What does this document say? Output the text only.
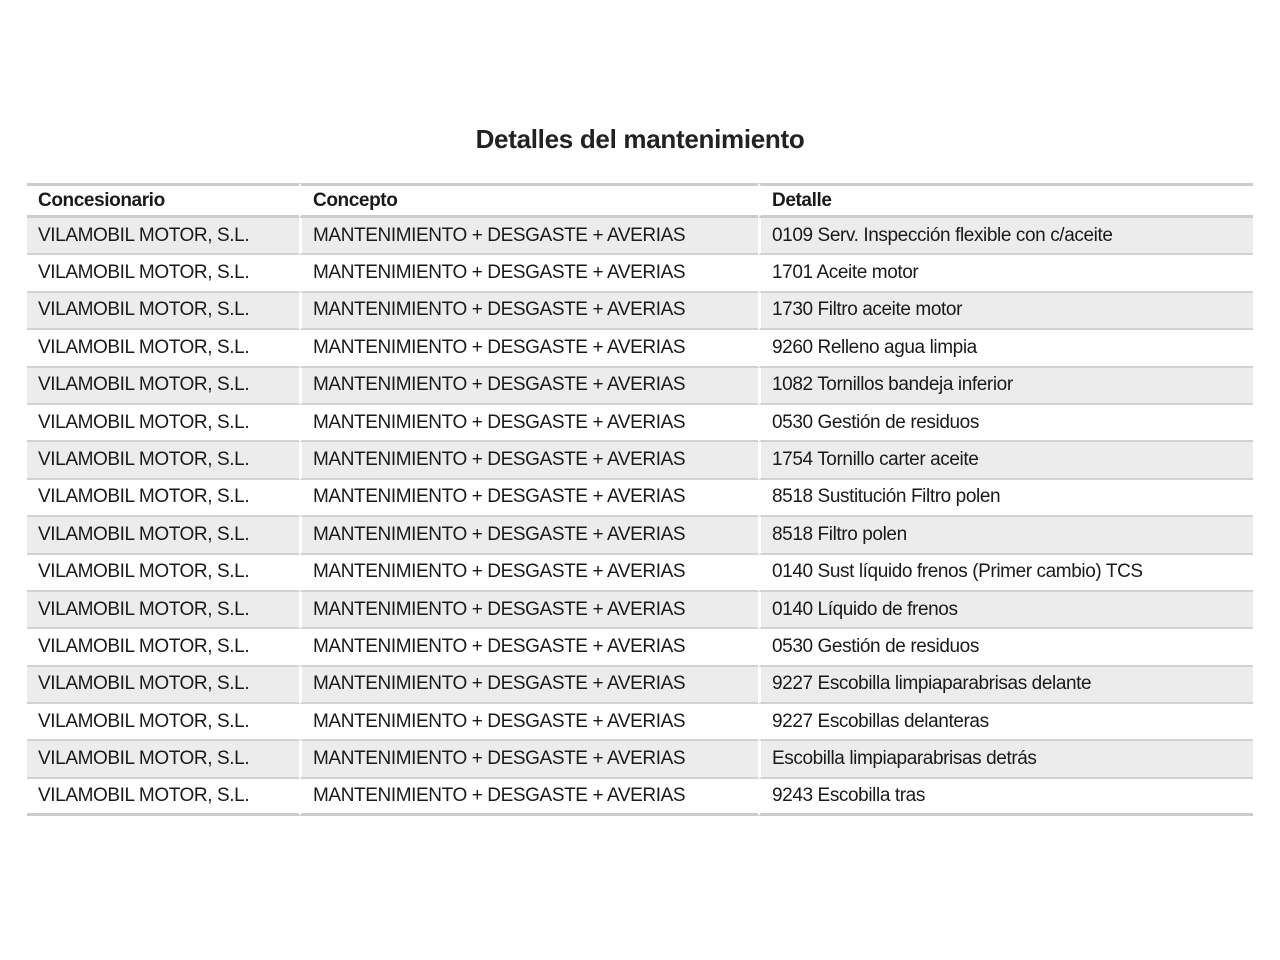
Detalles del mantenimiento
Concesionario	Concepto	Detalle
VILAMOBIL MOTOR, S.L.	MANTENIMIENTO + DESGASTE + AVERIAS	0109 Serv. Inspección flexible con c/aceite
VILAMOBIL MOTOR, S.L.	MANTENIMIENTO + DESGASTE + AVERIAS	1701 Aceite motor
VILAMOBIL MOTOR, S.L.	MANTENIMIENTO + DESGASTE + AVERIAS	1730 Filtro aceite motor
VILAMOBIL MOTOR, S.L.	MANTENIMIENTO + DESGASTE + AVERIAS	9260 Relleno agua limpia
VILAMOBIL MOTOR, S.L.	MANTENIMIENTO + DESGASTE + AVERIAS	1082 Tornillos bandeja inferior
VILAMOBIL MOTOR, S.L.	MANTENIMIENTO + DESGASTE + AVERIAS	0530 Gestión de residuos
VILAMOBIL MOTOR, S.L.	MANTENIMIENTO + DESGASTE + AVERIAS	1754 Tornillo carter aceite
VILAMOBIL MOTOR, S.L.	MANTENIMIENTO + DESGASTE + AVERIAS	8518 Sustitución Filtro polen
VILAMOBIL MOTOR, S.L.	MANTENIMIENTO + DESGASTE + AVERIAS	8518 Filtro polen
VILAMOBIL MOTOR, S.L.	MANTENIMIENTO + DESGASTE + AVERIAS	0140 Sust líquido frenos (Primer cambio) TCS
VILAMOBIL MOTOR, S.L.	MANTENIMIENTO + DESGASTE + AVERIAS	0140 Líquido de frenos
VILAMOBIL MOTOR, S.L.	MANTENIMIENTO + DESGASTE + AVERIAS	0530 Gestión de residuos
VILAMOBIL MOTOR, S.L.	MANTENIMIENTO + DESGASTE + AVERIAS	9227 Escobilla limpiaparabrisas delante
VILAMOBIL MOTOR, S.L.	MANTENIMIENTO + DESGASTE + AVERIAS	9227 Escobillas delanteras
VILAMOBIL MOTOR, S.L.	MANTENIMIENTO + DESGASTE + AVERIAS	Escobilla limpiaparabrisas detrás
VILAMOBIL MOTOR, S.L.	MANTENIMIENTO + DESGASTE + AVERIAS	9243 Escobilla tras
